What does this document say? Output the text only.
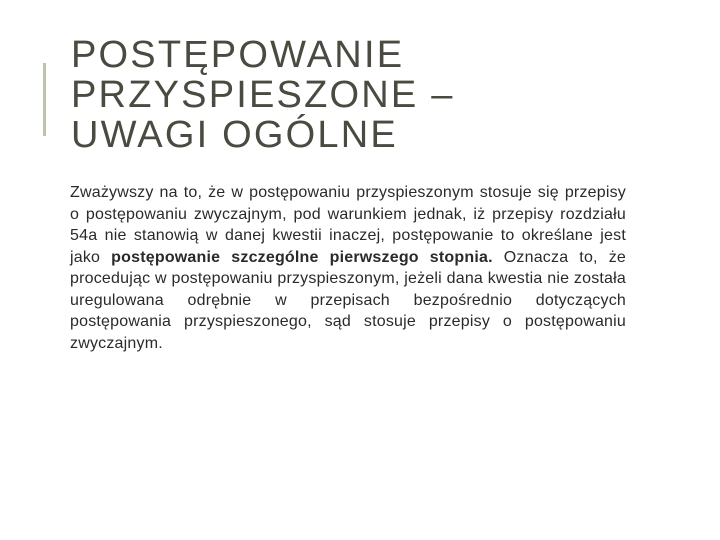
POSTĘPOWANIE
PRZYSPIESZONE –
UWAGI OGÓLNE

Zważywszy na to, że w postępowaniu przyspieszonym stosuje się przepisy o postępowaniu zwyczajnym, pod warunkiem jednak, iż przepisy rozdziału 54a nie stanowią w danej kwestii inaczej, postępowanie to określane jest jako postępowanie szczególne pierwszego stopnia. Oznacza to, że procedując w postępowaniu przyspieszonym, jeżeli dana kwestia nie została uregulowana odrębnie w przepisach bezpośrednio dotyczących postępowania przyspieszonego, sąd stosuje przepisy o postępowaniu zwyczajnym.
